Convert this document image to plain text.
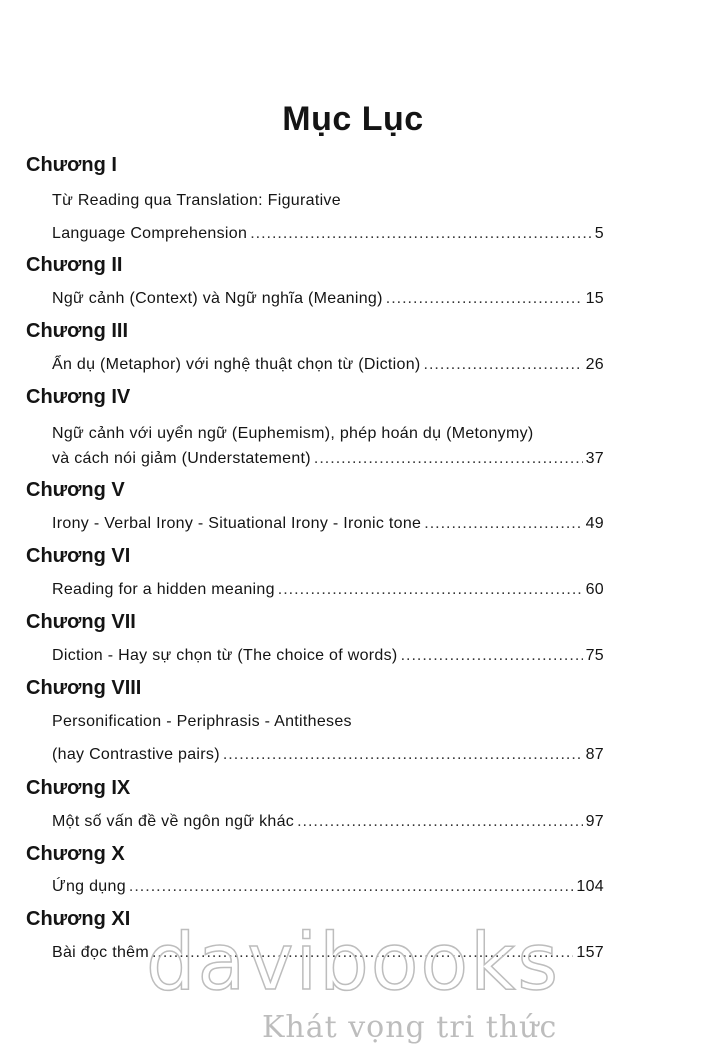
Mục Lục
Chương I
Từ Reading qua Translation: Figurative
Language Comprehension .....	5
Chương II
Ngữ cảnh (Context) và Ngữ nghĩa (Meaning) .....	15
Chương III
Ẩn dụ (Metaphor) với nghệ thuật chọn từ (Diction) .....	26
Chương IV
Ngữ cảnh với uyển ngữ (Euphemism), phép hoán dụ (Metonymy)
và cách nói giảm (Understatement) .....	37
Chương V
Irony - Verbal Irony - Situational Irony - Ironic tone .....	49
Chương VI
Reading for a hidden meaning .....	60
Chương VII
Diction - Hay sự chọn từ (The choice of words) .....	75
Chương VIII
Personification - Periphrasis - Antitheses
(hay Contrastive pairs) .....	87
Chương IX
Một số vấn đề về ngôn ngữ khác .....	97
Chương X
Ứng dụng .....	104
Chương XI
Bài đọc thêm .....	157
davibooks
Khát vọng tri thức
